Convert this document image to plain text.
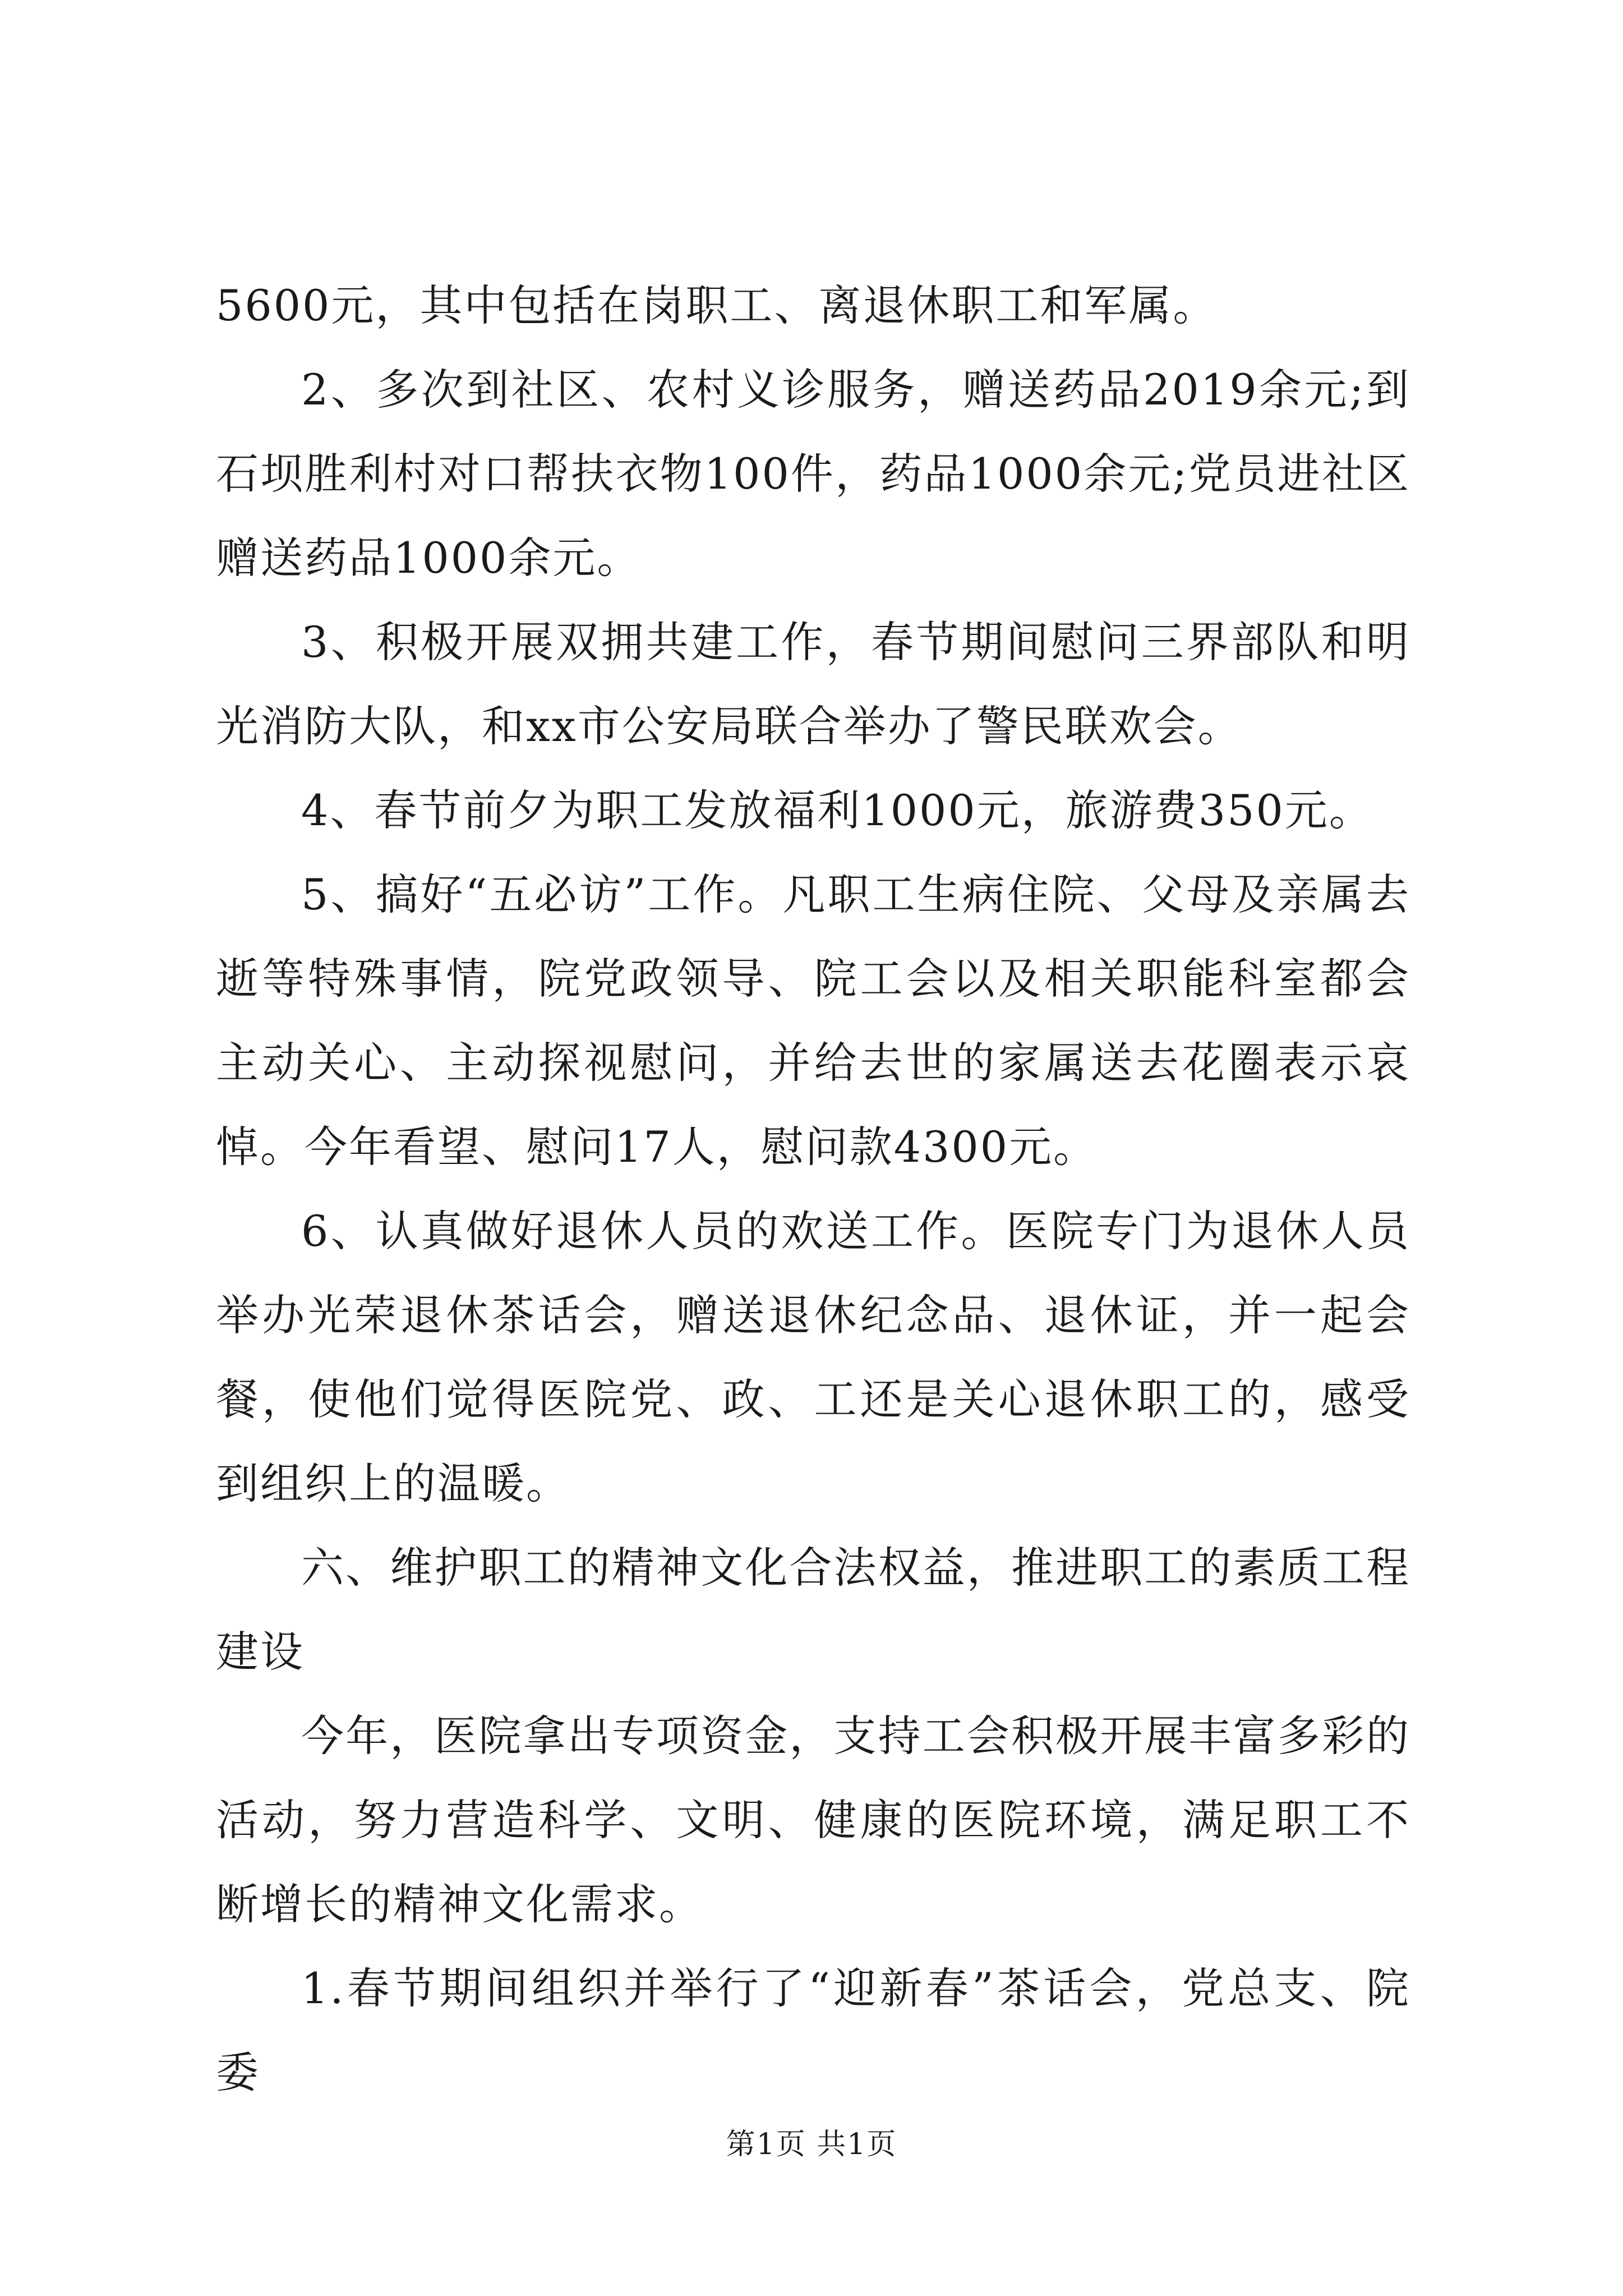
5600元，其中包括在岗职工、离退休职工和军属。

2、多次到社区、农村义诊服务，赠送药品2019余元;到石坝胜利村对口帮扶衣物100件，药品1000余元;党员进社区赠送药品1000余元。

3、积极开展双拥共建工作，春节期间慰问三界部队和明光消防大队，和xx市公安局联合举办了警民联欢会。

4、春节前夕为职工发放福利1000元，旅游费350元。

5、搞好“五必访”工作。凡职工生病住院、父母及亲属去逝等特殊事情，院党政领导、院工会以及相关职能科室都会主动关心、主动探视慰问，并给去世的家属送去花圈表示哀悼。今年看望、慰问17人，慰问款4300元。

6、认真做好退休人员的欢送工作。医院专门为退休人员举办光荣退休茶话会，赠送退休纪念品、退休证，并一起会餐，使他们觉得医院党、政、工还是关心退休职工的，感受到组织上的温暖。

六、维护职工的精神文化合法权益，推进职工的素质工程建设

今年，医院拿出专项资金，支持工会积极开展丰富多彩的活动，努力营造科学、文明、健康的医院环境，满足职工不断增长的精神文化需求。

1.春节期间组织并举行了“迎新春”茶话会，党总支、院委

第1页 共1页
